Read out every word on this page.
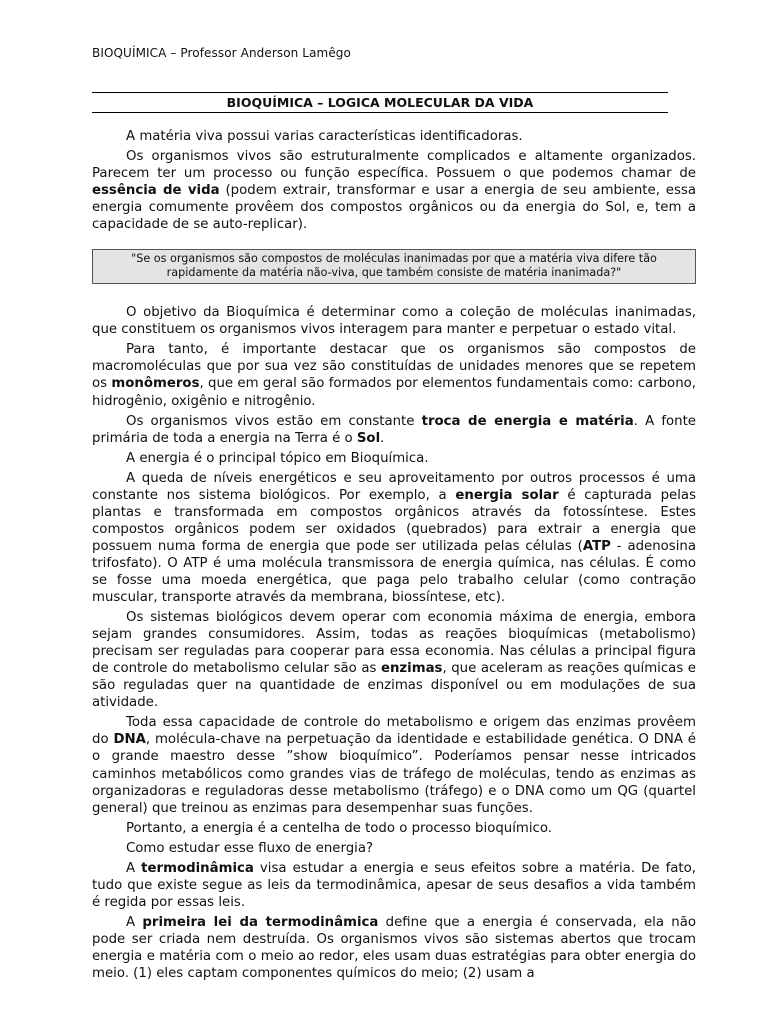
BIOQUÍMICA – Professor Anderson Lamêgo
BIOQUÍMICA – LOGICA MOLECULAR DA VIDA

A matéria viva possui varias características identificadoras.

Os organismos vivos são estruturalmente complicados e altamente organizados. Parecem ter um processo ou função específica. Possuem o que podemos chamar de essência de vida (podem extrair, transformar e usar a energia de seu ambiente, essa energia comumente provêem dos compostos orgânicos ou da energia do Sol, e, tem a capacidade de se auto-replicar).

"Se os organismos são compostos de moléculas inanimadas por que a matéria viva difere tão rapidamente da matéria não-viva, que também consiste de matéria inanimada?"

O objetivo da Bioquímica é determinar como a coleção de moléculas inanimadas, que constituem os organismos vivos interagem para manter e perpetuar o estado vital.

Para tanto, é importante destacar que os organismos são compostos de macromoléculas que por sua vez são constituídas de unidades menores que se repetem os monômeros, que em geral são formados por elementos fundamentais como: carbono, hidrogênio, oxigênio e nitrogênio.

Os organismos vivos estão em constante troca de energia e matéria. A fonte primária de toda a energia na Terra é o Sol.

A energia é o principal tópico em Bioquímica.

A queda de níveis energéticos e seu aproveitamento por outros processos é uma constante nos sistema biológicos. Por exemplo, a energia solar é capturada pelas plantas e transformada em compostos orgânicos através da fotossíntese. Estes compostos orgânicos podem ser oxidados (quebrados) para extrair a energia que possuem numa forma de energia que pode ser utilizada pelas células (ATP - adenosina trifosfato). O ATP é uma molécula transmissora de energia química, nas células. É como se fosse uma moeda energética, que paga pelo trabalho celular (como contração muscular, transporte através da membrana, biossíntese, etc).

Os sistemas biológicos devem operar com economia máxima de energia, embora sejam grandes consumidores. Assim, todas as reações bioquímicas (metabolismo) precisam ser reguladas para cooperar para essa economia. Nas células a principal figura de controle do metabolismo celular são as enzimas, que aceleram as reações químicas e são reguladas quer na quantidade de enzimas disponível ou em modulações de sua atividade.

Toda essa capacidade de controle do metabolismo e origem das enzimas provêem do DNA, molécula-chave na perpetuação da identidade e estabilidade genética. O DNA é o grande maestro desse ”show bioquímico”. Poderíamos pensar nesse intricados caminhos metabólicos como grandes vias de tráfego de moléculas, tendo as enzimas as organizadoras e reguladoras desse metabolismo (tráfego) e o DNA como um QG (quartel general) que treinou as enzimas para desempenhar suas funções.

Portanto, a energia é a centelha de todo o processo bioquímico.

Como estudar esse fluxo de energia?

A termodinâmica visa estudar a energia e seus efeitos sobre a matéria. De fato, tudo que existe segue as leis da termodinâmica, apesar de seus desafios a vida também é regida por essas leis.

A primeira lei da termodinâmica define que a energia é conservada, ela não pode ser criada nem destruída. Os organismos vivos são sistemas abertos que trocam energia e matéria com o meio ao redor, eles usam duas estratégias para obter energia do meio. (1) eles captam componentes químicos do meio; (2) usam a
